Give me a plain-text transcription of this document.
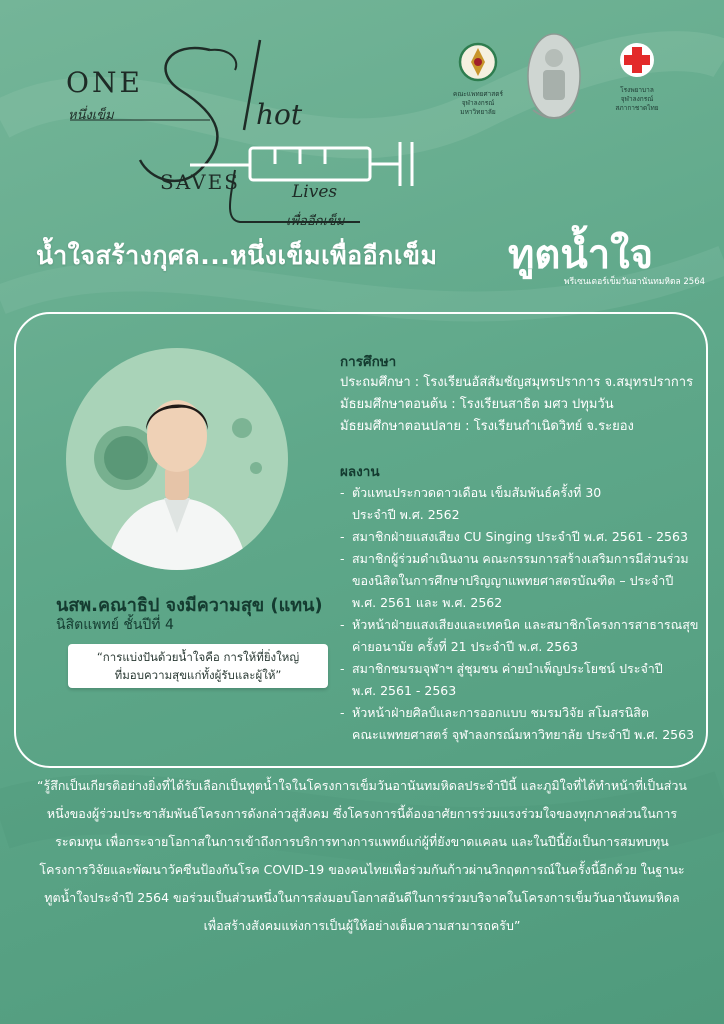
ONE
หนึ่งเข็ม	hot
SAVES	Lives
เพื่ออีกเข็ม
คณะแพทยศาสตร์
จุฬาลงกรณ์มหาวิทยาลัย
โรงพยาบาลจุฬาลงกรณ์
สภากาชาดไทย
น้ำใจสร้างกุศล...หนึ่งเข็มเพื่ออีกเข็ม ทูตน้ำใจ
พรีเซนเตอร์เข็มวันอานันทมหิดล 2564
นสพ.คณาธิป จงมีความสุข (แทน)
นิสิตแพทย์ ชั้นปีที่ 4
“การแบ่งปันด้วยน้ำใจคือ การให้ที่ยิ่งใหญ่
ที่มอบความสุขแก่ทั้งผู้รับและผู้ให้”
การศึกษา
ประถมศึกษา : โรงเรียนอัสสัมชัญสมุทรปราการ จ.สมุทรปราการ
มัธยมศึกษาตอนต้น : โรงเรียนสาธิต มศว ปทุมวัน
มัธยมศึกษาตอนปลาย : โรงเรียนกำเนิดวิทย์ จ.ระยอง
ผลงาน
- ตัวแทนประกวดดาวเดือน เข็มสัมพันธ์ครั้งที่ 30
ประจำปี พ.ศ. 2562
- สมาชิกฝ่ายแสงเสียง CU Singing ประจำปี พ.ศ. 2561 - 2563
- สมาชิกผู้ร่วมดำเนินงาน คณะกรรมการสร้างเสริมการมีส่วนร่วม
ของนิสิตในการศึกษาปริญญาแพทยศาสตรบัณฑิต – ประจำปี
พ.ศ. 2561 และ พ.ศ. 2562
- หัวหน้าฝ่ายแสงเสียงและเทคนิค และสมาชิกโครงการสาธารณสุข
ค่ายอนามัย ครั้งที่ 21 ประจำปี พ.ศ. 2563
- สมาชิกชมรมจุฬาฯ สู่ชุมชน ค่ายบำเพ็ญประโยชน์ ประจำปี
พ.ศ. 2561 - 2563
- หัวหน้าฝ่ายศิลป์และการออกแบบ ชมรมวิจัย สโมสรนิสิต
คณะแพทยศาสตร์ จุฬาลงกรณ์มหาวิทยาลัย ประจำปี พ.ศ. 2563
“รู้สึกเป็นเกียรติอย่างยิ่งที่ได้รับเลือกเป็นทูตน้ำใจในโครงการเข็มวันอานันทมหิดลประจำปีนี้ และภูมิใจที่ได้ทำหน้าที่เป็นส่วนหนึ่งของผู้ร่วมประชาสัมพันธ์โครงการดังกล่าวสู่สังคม ซึ่งโครงการนี้ต้องอาศัยการร่วมแรงร่วมใจของทุกภาคส่วนในการระดมทุน เพื่อกระจายโอกาสในการเข้าถึงการบริการทางการแพทย์แก่ผู้ที่ยังขาดแคลน และในปีนี้ยังเป็นการสมทบทุนโครงการวิจัยและพัฒนาวัคซีนป้องกันโรค COVID-19 ของคนไทยเพื่อร่วมกันก้าวผ่านวิกฤตการณ์ในครั้งนี้อีกด้วย ในฐานะทูตน้ำใจประจำปี 2564 ขอร่วมเป็นส่วนหนึ่งในการส่งมอบโอกาสอันดีในการร่วมบริจาคในโครงการเข็มวันอานันทมหิดล เพื่อสร้างสังคมแห่งการเป็นผู้ให้อย่างเต็มความสามารถครับ”
